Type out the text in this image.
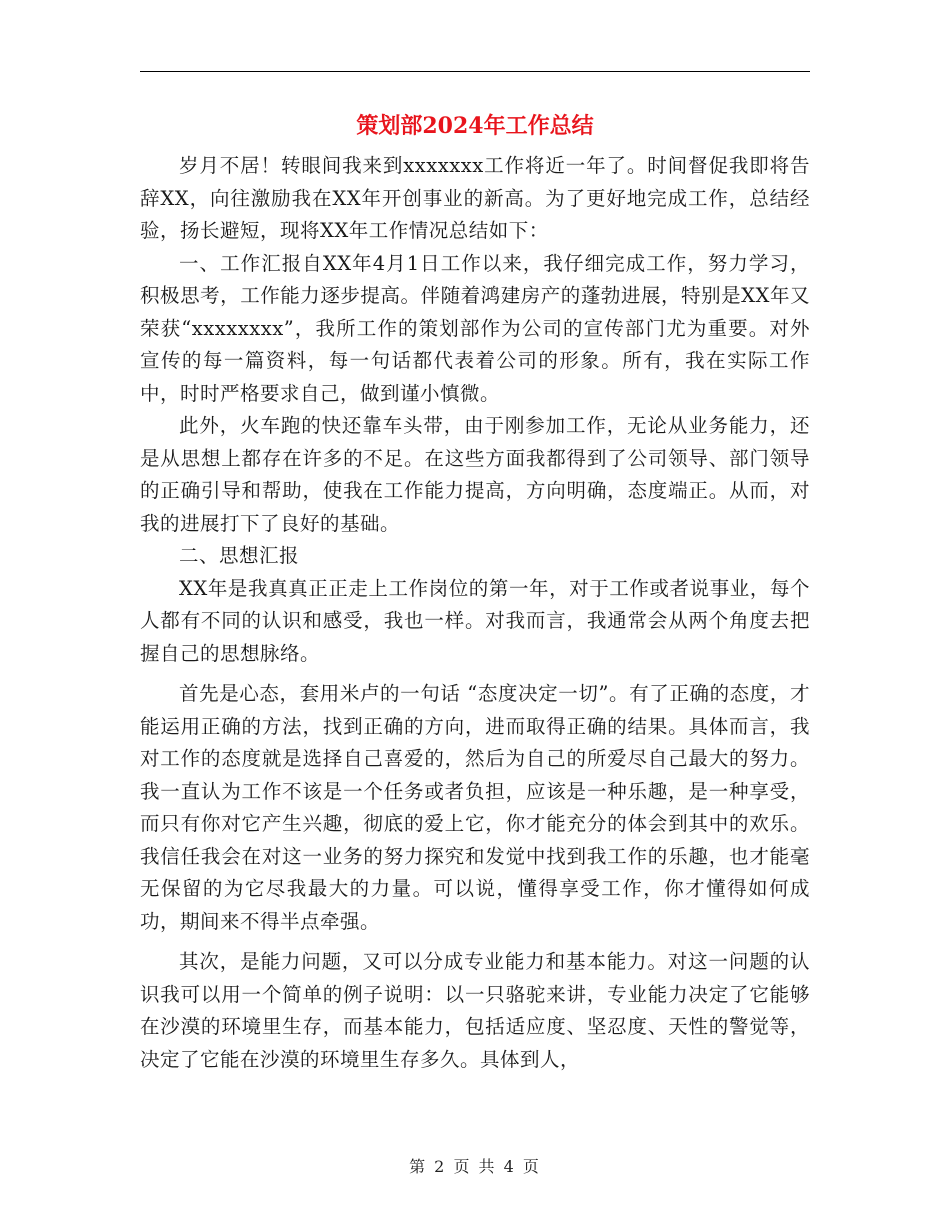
策划部2024年工作总结

岁月不居！转眼间我来到xxxxxxx工作将近一年了。时间督促我即将告辞XX，向往激励我在XX年开创事业的新高。为了更好地完成工作，总结经验，扬长避短，现将XX年工作情况总结如下：

一、工作汇报自XX年4月1日工作以来，我仔细完成工作，努力学习，积极思考，工作能力逐步提高。伴随着鸿建房产的蓬勃进展，特别是XX年又荣获“xxxxxxxx”，我所工作的策划部作为公司的宣传部门尤为重要。对外宣传的每一篇资料，每一句话都代表着公司的形象。所有，我在实际工作中，时时严格要求自己，做到谨小慎微。

此外，火车跑的快还靠车头带，由于刚参加工作，无论从业务能力，还是从思想上都存在许多的不足。在这些方面我都得到了公司领导、部门领导的正确引导和帮助，使我在工作能力提高，方向明确，态度端正。从而，对我的进展打下了良好的基础。

二、思想汇报

XX年是我真真正正走上工作岗位的第一年，对于工作或者说事业，每个人都有不同的认识和感受，我也一样。对我而言，我通常会从两个角度去把握自己的思想脉络。

首先是心态，套用米卢的一句话 “态度决定一切”。有了正确的态度，才能运用正确的方法，找到正确的方向，进而取得正确的结果。具体而言，我对工作的态度就是选择自己喜爱的，然后为自己的所爱尽自己最大的努力。我一直认为工作不该是一个任务或者负担，应该是一种乐趣，是一种享受，而只有你对它产生兴趣，彻底的爱上它，你才能充分的体会到其中的欢乐。我信任我会在对这一业务的努力探究和发觉中找到我工作的乐趣，也才能毫无保留的为它尽我最大的力量。可以说，懂得享受工作，你才懂得如何成功，期间来不得半点牵强。

其次，是能力问题，又可以分成专业能力和基本能力。对这一问题的认识我可以用一个简单的例子说明：以一只骆驼来讲，专业能力决定了它能够在沙漠的环境里生存，而基本能力，包括适应度、坚忍度、天性的警觉等，决定了它能在沙漠的环境里生存多久。具体到人，

第 2 页 共 4 页
